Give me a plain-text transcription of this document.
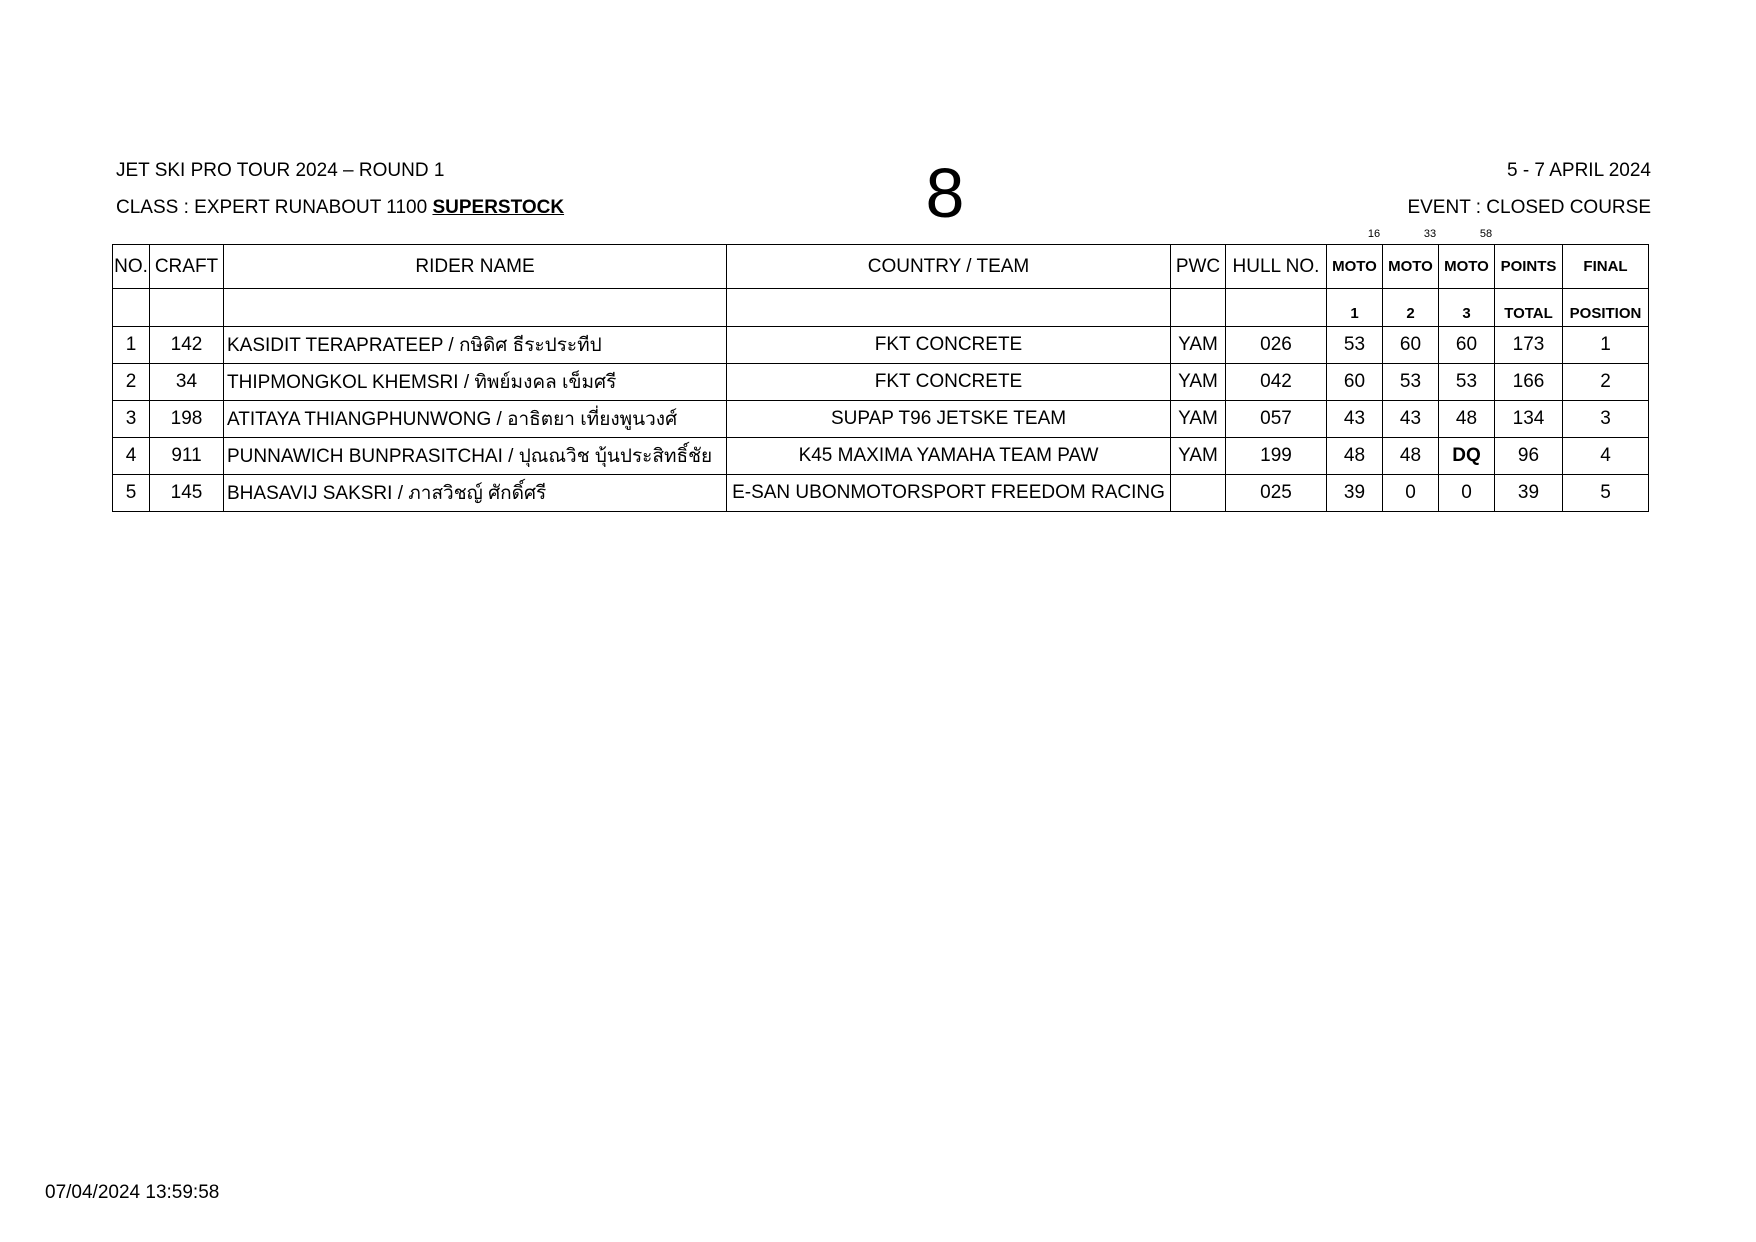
JET SKI PRO TOUR 2024 – ROUND 1
CLASS : EXPERT RUNABOUT 1100 SUPERSTOCK	8	5 - 7 APRIL 2024
EVENT : CLOSED COURSE
16	33	58
NO.	CRAFT	RIDER NAME	COUNTRY / TEAM	PWC	HULL NO.	MOTO	MOTO	MOTO	POINTS	FINAL
						1	2	3	TOTAL	POSITION
1	142	KASIDIT TERAPRATEEP / กษิดิศ ธีระประทีป	FKT CONCRETE	YAM	026	53	60	60	173	1
2	34	THIPMONGKOL KHEMSRI / ทิพย์มงคล เข็มศรี	FKT CONCRETE	YAM	042	60	53	53	166	2
3	198	ATITAYA THIANGPHUNWONG / อาธิตยา เที่ยงพูนวงศ์	SUPAP T96 JETSKE TEAM	YAM	057	43	43	48	134	3
4	911	PUNNAWICH BUNPRASITCHAI / ปุณณวิช บุ้นประสิทธิ์ชัย	K45 MAXIMA YAMAHA TEAM PAW	YAM	199	48	48	DQ	96	4
5	145	BHASAVIJ SAKSRI / ภาสวิชญ์ ศักดิ์ศรี	E-SAN UBONMOTORSPORT FREEDOM RACING		025	39	0	0	39	5
07/04/2024 13:59:58
